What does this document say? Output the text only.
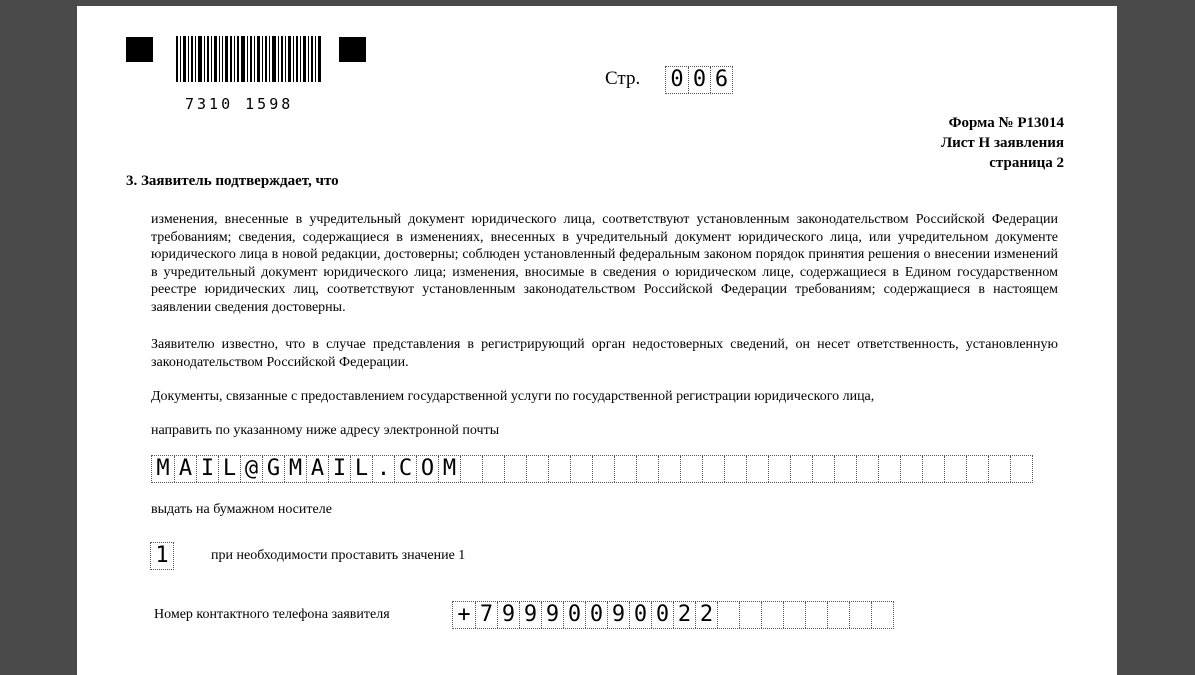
7310 1598
Стр. 0 0 6
Форма № Р13014
Лист Н заявления
страница 2
3. Заявитель подтверждает, что
изменения, внесенные в учредительный документ юридического лица, соответствуют установленным законодательством Российской Федерации требованиям; сведения, содержащиеся в изменениях, внесенных в учредительный документ юридического лица, или учредительном документе юридического лица в новой редакции, достоверны; соблюден установленный федеральным законом порядок принятия решения о внесении изменений в учредительный документ юридического лица; изменения, вносимые в сведения о юридическом лице, содержащиеся в Едином государственном реестре юридических лиц, соответствуют установленным законодательством Российской Федерации требованиям; содержащиеся в настоящем заявлении сведения достоверны.
Заявителю известно, что в случае представления в регистрирующий орган недостоверных сведений, он несет ответственность, установленную законодательством Российской Федерации.
Документы, связанные с предоставлением государственной услуги по государственной регистрации юридического лица,
направить по указанному ниже адресу электронной почты
M A I L @ G M A I L . C O M
выдать на бумажном носителе
1	при необходимости проставить значение 1
Номер контактного телефона заявителя	+ 7 9 9 9 0 0 9 0 0 2 2
